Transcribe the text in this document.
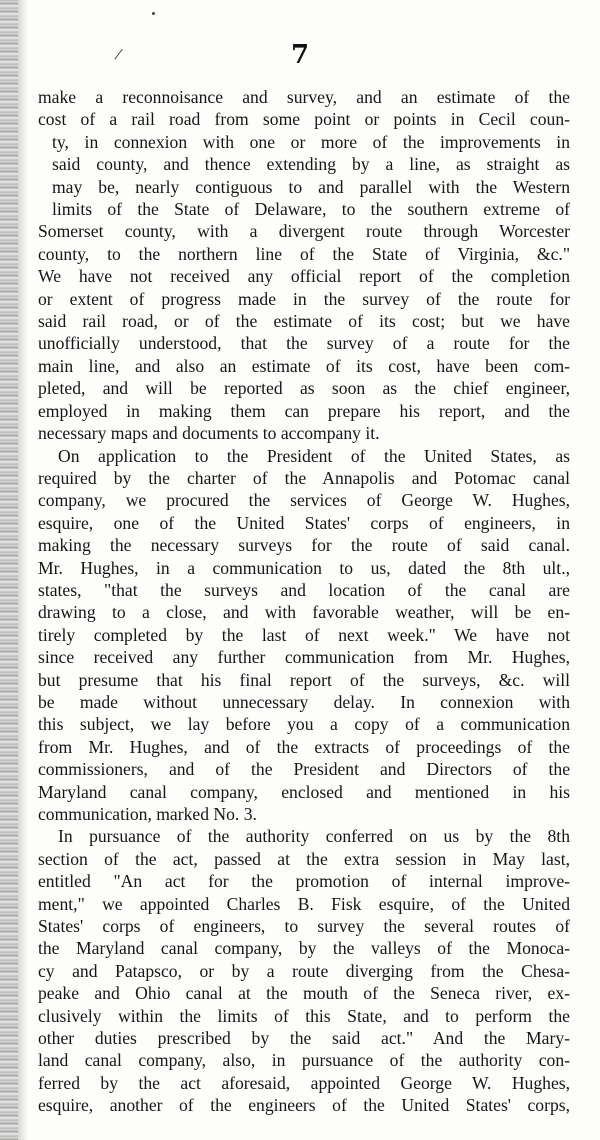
/	7
make a reconnoisance and survey, and an estimate of the
cost of a rail road from some point or points in Cecil coun-
ty, in connexion with one or more of the improvements in
said county, and thence extending by a line, as straight as
may be, nearly contiguous to and parallel with the Western
limits of the State of Delaware, to the southern extreme of
Somerset county, with a divergent route through Worcester
county, to the northern line of the State of Virginia, &c."
We have not received any official report of the completion
or extent of progress made in the survey of the route for
said rail road, or of the estimate of its cost; but we have
unofficially understood, that the survey of a route for the
main line, and also an estimate of its cost, have been com-
pleted, and will be reported as soon as the chief engineer,
employed in making them can prepare his report, and the
necessary maps and documents to accompany it.
On application to the President of the United States, as
required by the charter of the Annapolis and Potomac canal
company, we procured the services of George W. Hughes,
esquire, one of the United States' corps of engineers, in
making the necessary surveys for the route of said canal.
Mr. Hughes, in a communication to us, dated the 8th ult.,
states, "that the surveys and location of the canal are
drawing to a close, and with favorable weather, will be en-
tirely completed by the last of next week." We have not
since received any further communication from Mr. Hughes,
but presume that his final report of the surveys, &c. will
be made without unnecessary delay. In connexion with
this subject, we lay before you a copy of a communication
from Mr. Hughes, and of the extracts of proceedings of the
commissioners, and of the President and Directors of the
Maryland canal company, enclosed and mentioned in his
communication, marked No. 3.
In pursuance of the authority conferred on us by the 8th
section of the act, passed at the extra session in May last,
entitled "An act for the promotion of internal improve-
ment," we appointed Charles B. Fisk esquire, of the United
States' corps of engineers, to survey the several routes of
the Maryland canal company, by the valleys of the Monoca-
cy and Patapsco, or by a route diverging from the Chesa-
peake and Ohio canal at the mouth of the Seneca river, ex-
clusively within the limits of this State, and to perform the
other duties prescribed by the said act." And the Mary-
land canal company, also, in pursuance of the authority con-
ferred by the act aforesaid, appointed George W. Hughes,
esquire, another of the engineers of the United States' corps,
